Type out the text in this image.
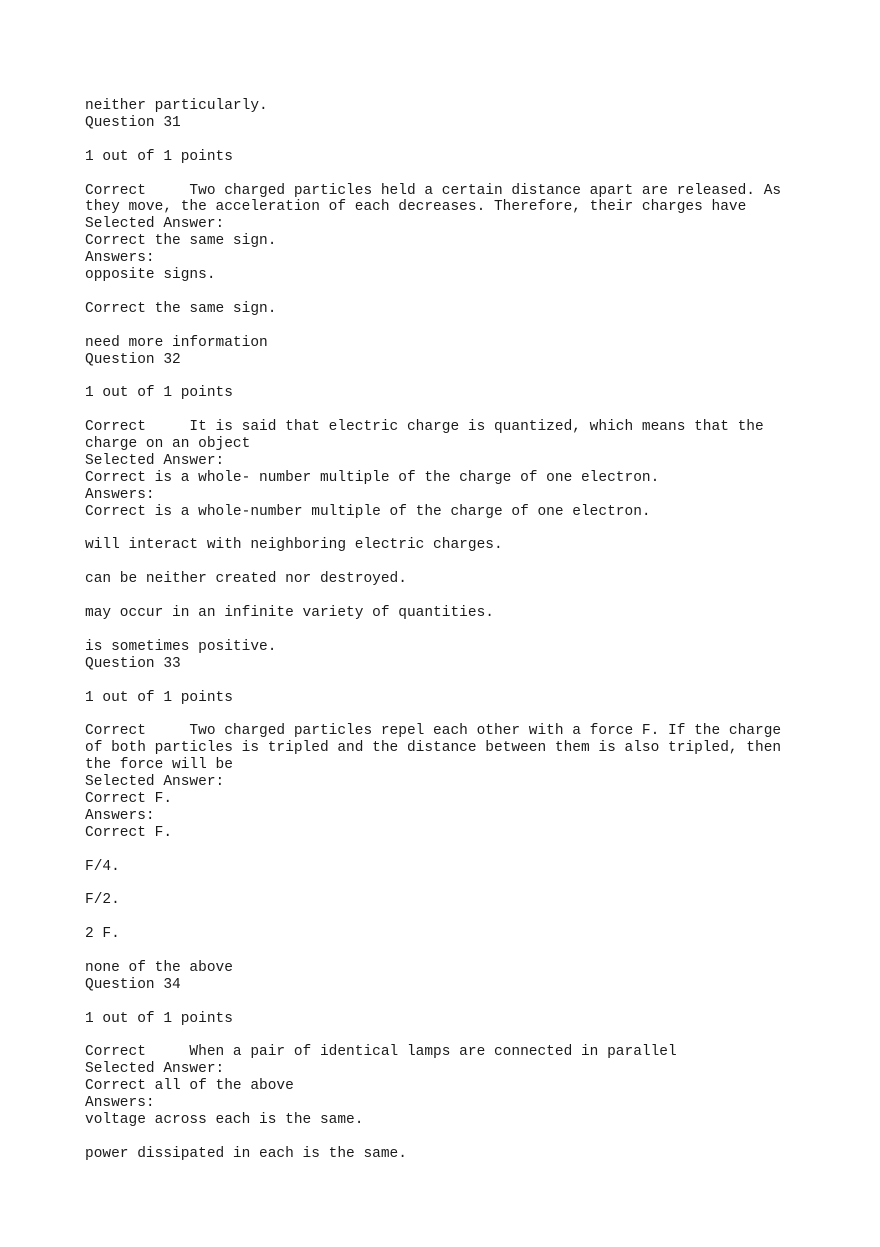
neither particularly.
Question 31
1 out of 1 points
Correct     Two charged particles held a certain distance apart are released. As
they move, the acceleration of each decreases. Therefore, their charges have
Selected Answer:
Correct the same sign.
Answers:
opposite signs.
Correct the same sign.
need more information
Question 32
1 out of 1 points
Correct     It is said that electric charge is quantized, which means that the
charge on an object
Selected Answer:
Correct is a whole- number multiple of the charge of one electron.
Answers:
Correct is a whole-number multiple of the charge of one electron.
will interact with neighboring electric charges.
can be neither created nor destroyed.
may occur in an infinite variety of quantities.
is sometimes positive.
Question 33
1 out of 1 points
Correct     Two charged particles repel each other with a force F. If the charge
of both particles is tripled and the distance between them is also tripled, then
the force will be
Selected Answer:
Correct F.
Answers:
Correct F.
F/4.
F/2.
2 F.
none of the above
Question 34
1 out of 1 points
Correct     When a pair of identical lamps are connected in parallel
Selected Answer:
Correct all of the above
Answers:
voltage across each is the same.
power dissipated in each is the same.
